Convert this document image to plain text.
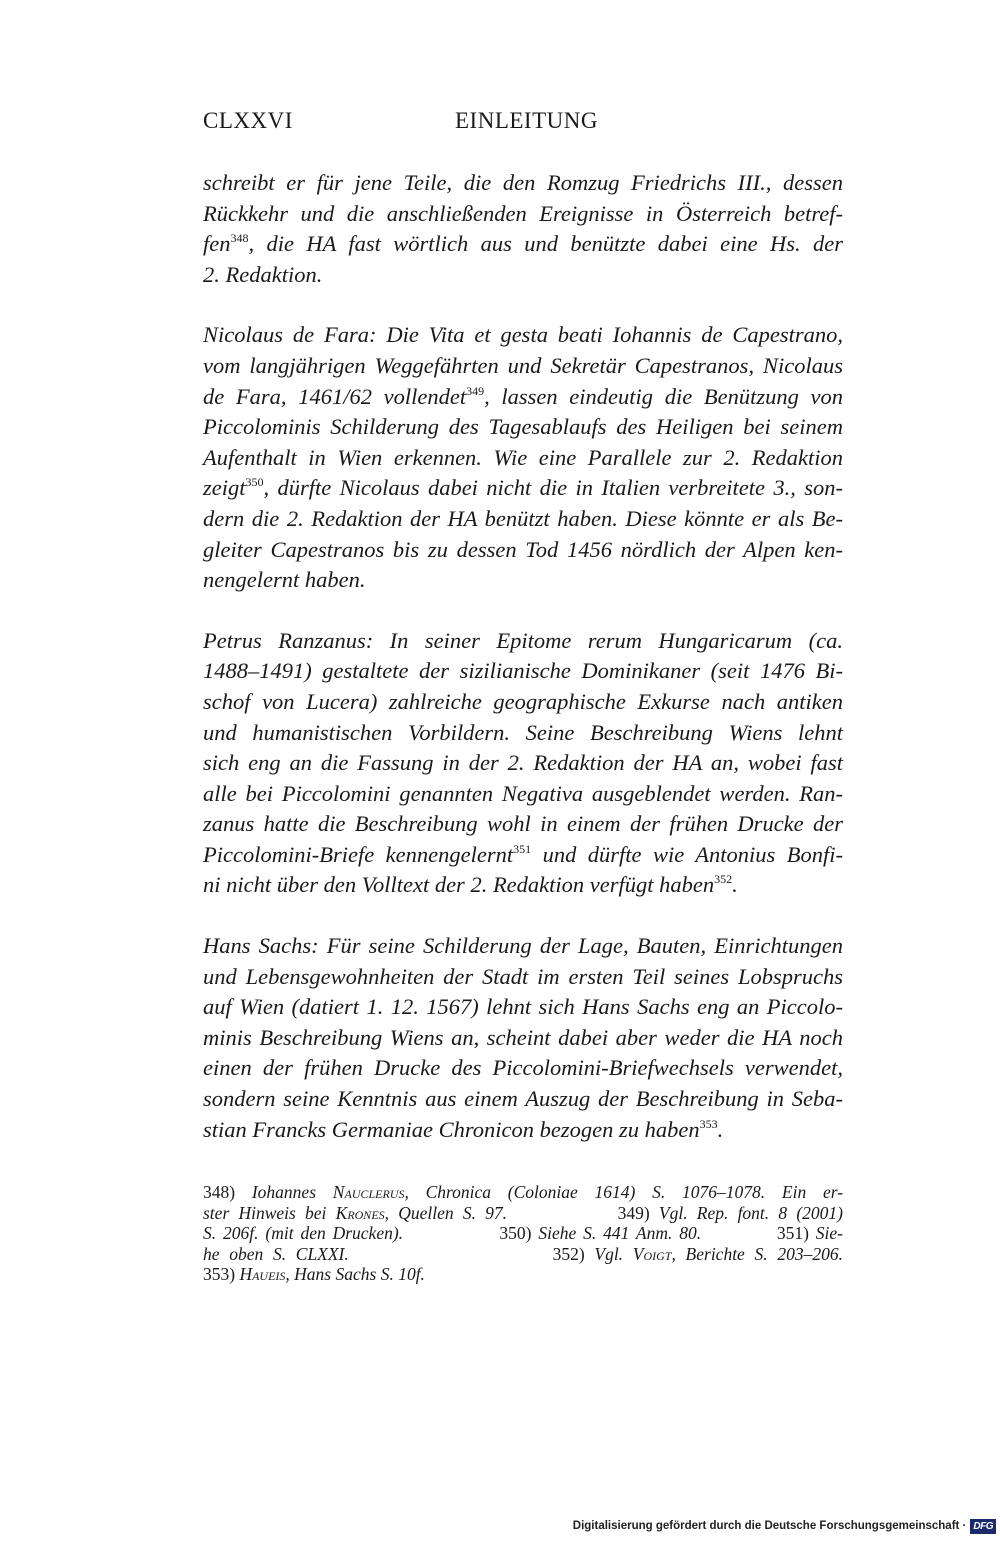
CLXXVI	EINLEITUNG
schreibt er für jene Teile, die den Romzug Friedrichs III., dessen
Rückkehr und die anschließenden Ereignisse in Österreich betref-
fen$^{348}$, die HA fast wörtlich aus und benützte dabei eine Hs. der
2. Redaktion.
Nicolaus de Fara: Die Vita et gesta beati Iohannis de Capestrano,
vom langjährigen Weggefährten und Sekretär Capestranos, Nicolaus
de Fara, 1461/62 vollendet$^{349}$, lassen eindeutig die Benützung von
Piccolominis Schilderung des Tagesablaufs des Heiligen bei seinem
Aufenthalt in Wien erkennen. Wie eine Parallele zur 2. Redaktion
zeigt$^{350}$, dürfte Nicolaus dabei nicht die in Italien verbreitete 3., son-
dern die 2. Redaktion der HA benützt haben. Diese könnte er als Be-
gleiter Capestranos bis zu dessen Tod 1456 nördlich der Alpen ken-
nengelernt haben.
Petrus Ranzanus: In seiner Epitome rerum Hungaricarum (ca.
1488–1491) gestaltete der sizilianische Dominikaner (seit 1476 Bi-
schof von Lucera) zahlreiche geographische Exkurse nach antiken
und humanistischen Vorbildern. Seine Beschreibung Wiens lehnt
sich eng an die Fassung in der 2. Redaktion der HA an, wobei fast
alle bei Piccolomini genannten Negativa ausgeblendet werden. Ran-
zanus hatte die Beschreibung wohl in einem der frühen Drucke der
Piccolomini-Briefe kennengelernt$^{351}$ und dürfte wie Antonius Bonfi-
ni nicht über den Volltext der 2. Redaktion verfügt haben$^{352}$.
Hans Sachs: Für seine Schilderung der Lage, Bauten, Einrichtungen
und Lebensgewohnheiten der Stadt im ersten Teil seines Lobspruchs
auf Wien (datiert 1. 12. 1567) lehnt sich Hans Sachs eng an Piccolo-
minis Beschreibung Wiens an, scheint dabei aber weder die HA noch
einen der frühen Drucke des Piccolomini-Briefwechsels verwendet,
sondern seine Kenntnis aus einem Auszug der Beschreibung in Seba-
stian Francks Germaniae Chronicon bezogen zu haben$^{353}$.
348) Iohannes Nauclerus, Chronica (Coloniae 1614) S. 1076–1078. Ein er-
ster Hinweis bei Krones, Quellen S. 97.            349) Vgl. Rep. font. 8 (2001)
S. 206f. (mit den Drucken).              350) Siehe S. 441 Anm. 80.           351) Sie-
he oben S. CLXXI.                     352) Vgl. Voigt, Berichte S. 203–206.
353) Haueis, Hans Sachs S. 10f.
Digitalisierung gefördert durch die Deutsche Forschungsgemeinschaft · DFG
